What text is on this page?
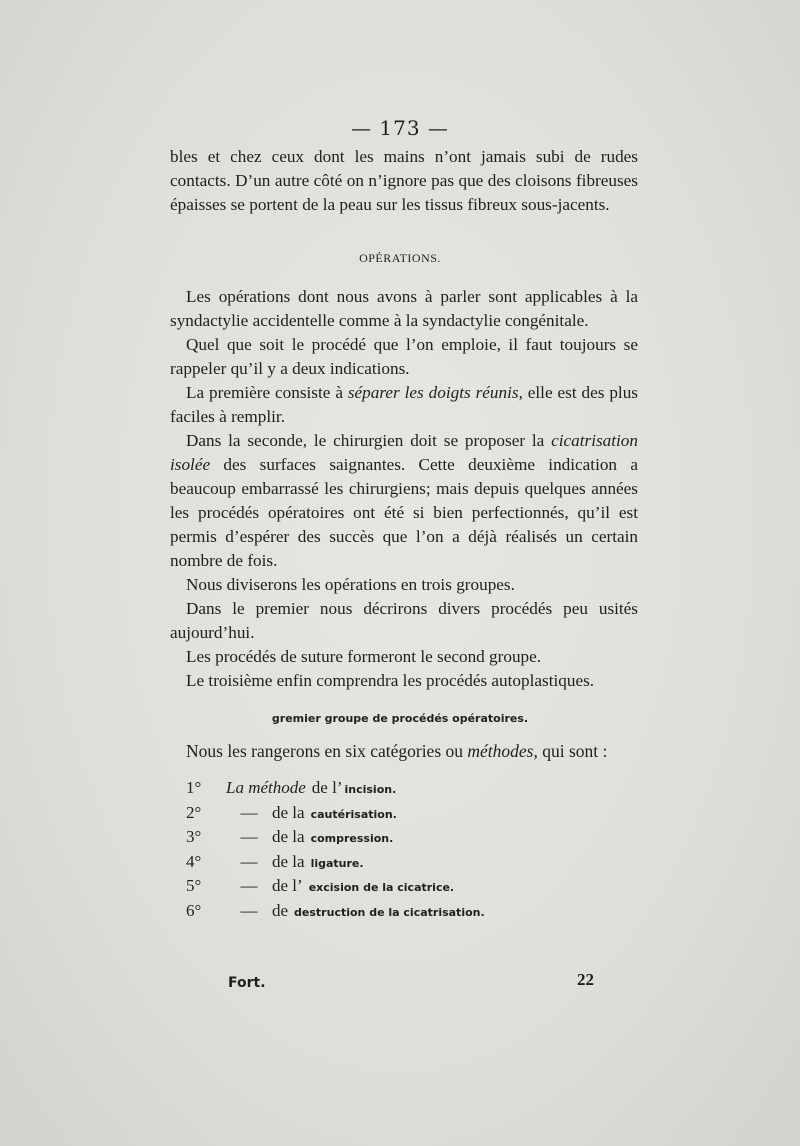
— 173 —

bles et chez ceux dont les mains n’ont jamais subi de rudes contacts. D’un autre côté on n’ignore pas que des cloisons fibreuses épaisses se portent de la peau sur les tissus fibreux sous-jacents.

OPÉRATIONS.

Les opérations dont nous avons à parler sont applicables à la syndactylie accidentelle comme à la syndactylie congénitale.

Quel que soit le procédé que l’on emploie, il faut toujours se rappeler qu’il y a deux indications.

La première consiste à séparer les doigts réunis, elle est des plus faciles à remplir.

Dans la seconde, le chirurgien doit se proposer la cicatrisation isolée des surfaces saignantes. Cette deuxième indication a beaucoup embarrassé les chirurgiens; mais depuis quelques années les procédés opératoires ont été si bien perfectionnés, qu’il est permis d’espérer des succès que l’on a déjà réalisés un certain nombre de fois.

Nous diviserons les opérations en trois groupes.

Dans le premier nous décrirons divers procédés peu usités aujourd’hui.

Les procédés de suture formeront le second groupe.

Le troisième enfin comprendra les procédés autoplastiques.

gremier groupe de procédés opératoires.
Nous les rangerons en six catégories ou méthodes, qui sont :
1°	La méthode de l’ incision.
2°	— de la cautérisation.
3°	— de la compression.
4°	— de la ligature.
5°	— de l’ excision de la cicatrice.
6°	— de destruction de la cicatrisation.
Fort.	22
